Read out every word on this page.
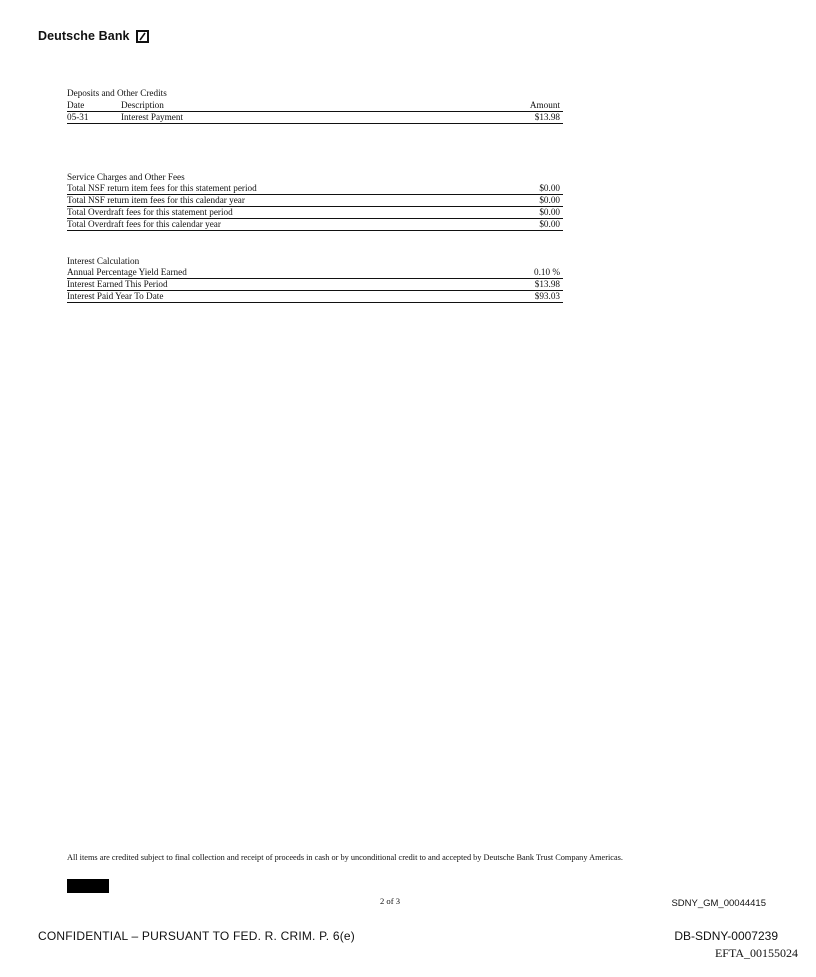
Deutsche Bank
Deposits and Other Credits
Date	Description	Amount
05-31	Interest Payment	$13.98
Service Charges and Other Fees
Total NSF return item fees for this statement period	$0.00
Total NSF return item fees for this calendar year	$0.00
Total Overdraft fees for this statement period	$0.00
Total Overdraft fees for this calendar year	$0.00
Interest Calculation
Annual Percentage Yield Earned	0.10 %
Interest Earned This Period	$13.98
Interest Paid Year To Date	$93.03
All items are credited subject to final collection and receipt of proceeds in cash or by unconditional credit to and accepted by Deutsche Bank Trust Company Americas.
2 of 3	SDNY_GM_00044415
CONFIDENTIAL – PURSUANT TO FED. R. CRIM. P. 6(e)	DB-SDNY-0007239
EFTA_00155024
